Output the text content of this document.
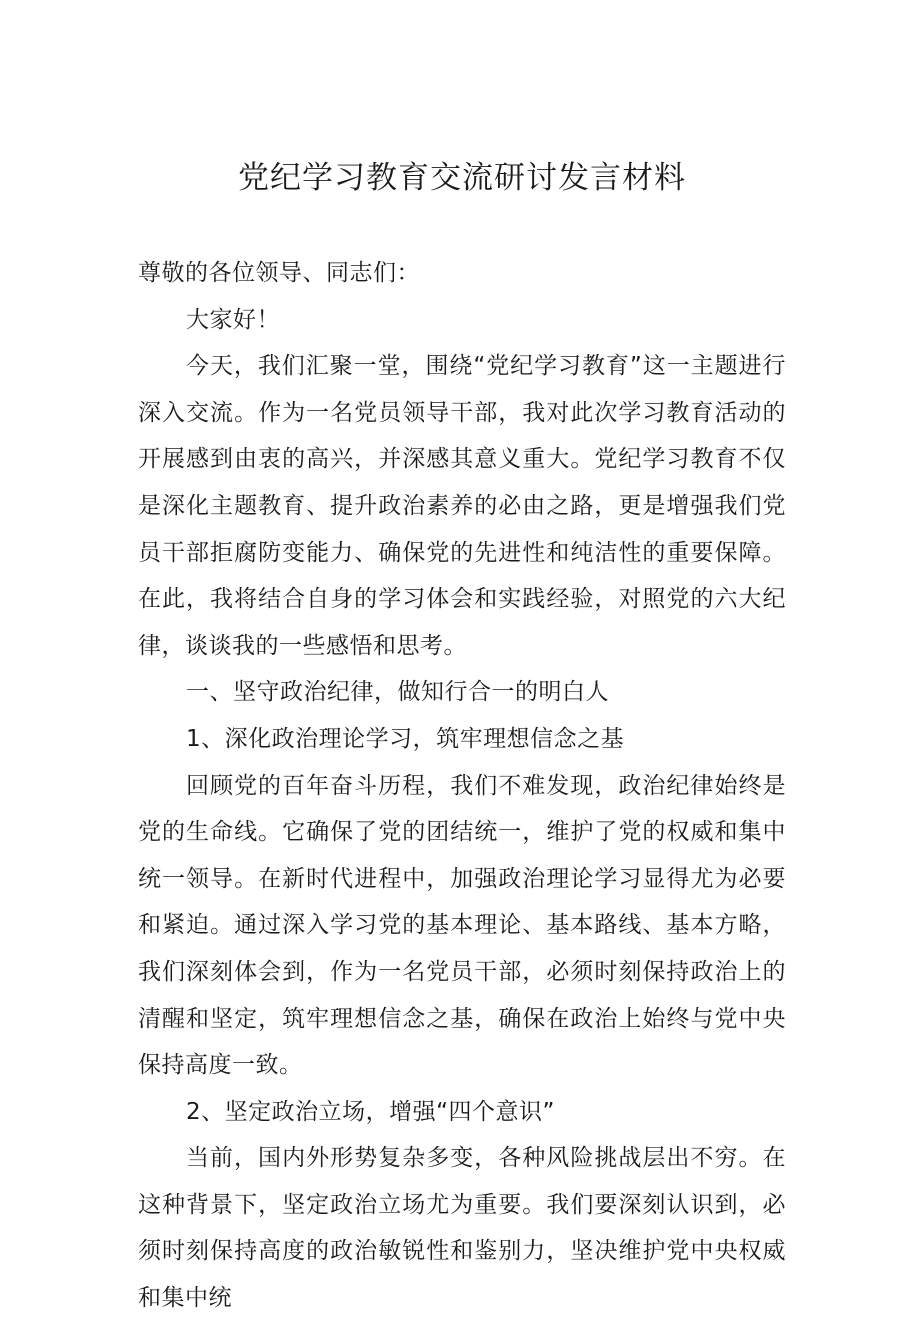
党纪学习教育交流研讨发言材料

尊敬的各位领导、同志们：

大家好！

今天，我们汇聚一堂，围绕“党纪学习教育”这一主题进行深入交流。作为一名党员领导干部，我对此次学习教育活动的开展感到由衷的高兴，并深感其意义重大。党纪学习教育不仅是深化主题教育、提升政治素养的必由之路，更是增强我们党员干部拒腐防变能力、确保党的先进性和纯洁性的重要保障。在此，我将结合自身的学习体会和实践经验，对照党的六大纪律，谈谈我的一些感悟和思考。

一、坚守政治纪律，做知行合一的明白人

1、深化政治理论学习，筑牢理想信念之基

回顾党的百年奋斗历程，我们不难发现，政治纪律始终是党的生命线。它确保了党的团结统一，维护了党的权威和集中统一领导。在新时代进程中，加强政治理论学习显得尤为必要和紧迫。通过深入学习党的基本理论、基本路线、基本方略，我们深刻体会到，作为一名党员干部，必须时刻保持政治上的清醒和坚定，筑牢理想信念之基，确保在政治上始终与党中央保持高度一致。

2、坚定政治立场，增强“四个意识”

当前，国内外形势复杂多变，各种风险挑战层出不穷。在这种背景下，坚定政治立场尤为重要。我们要深刻认识到，必须时刻保持高度的政治敏锐性和鉴别力，坚决维护党中央权威和集中统
